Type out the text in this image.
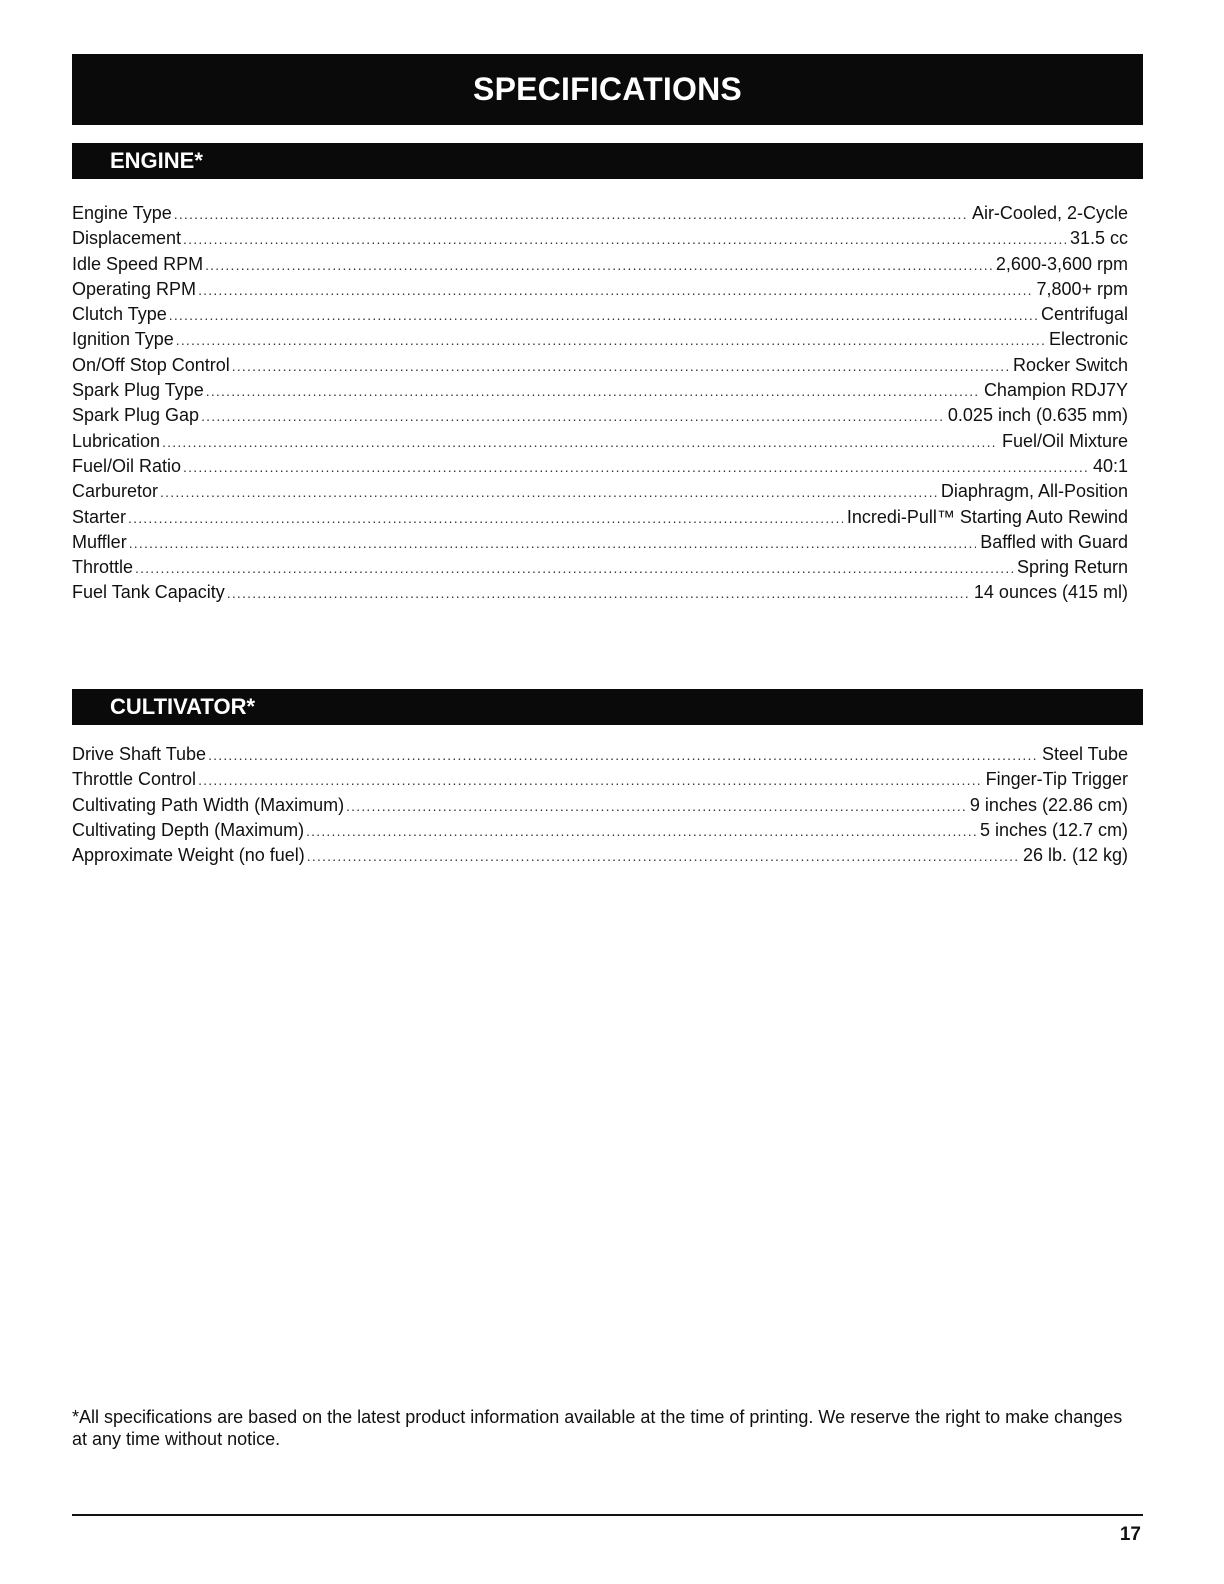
SPECIFICATIONS
ENGINE*
Engine Type .....	Air-Cooled, 2-Cycle
Displacement .....	31.5 cc
Idle Speed RPM .....	2,600-3,600 rpm
Operating RPM .....	7,800+ rpm
Clutch Type .....	Centrifugal
Ignition Type .....	Electronic
On/Off Stop Control .....	Rocker Switch
Spark Plug Type .....	Champion RDJ7Y
Spark Plug Gap .....	0.025 inch (0.635 mm)
Lubrication .....	Fuel/Oil Mixture
Fuel/Oil Ratio .....	40:1
Carburetor .....	Diaphragm, All-Position
Starter .....	Incredi-Pull™ Starting Auto Rewind
Muffler .....	Baffled with Guard
Throttle .....	Spring Return
Fuel Tank Capacity .....	14 ounces (415 ml)
CULTIVATOR*
Drive Shaft Tube .....	Steel Tube
Throttle Control .....	Finger-Tip Trigger
Cultivating Path Width (Maximum) .....	9 inches (22.86 cm)
Cultivating Depth (Maximum) .....	5 inches (12.7 cm)
Approximate Weight (no fuel) .....	26 lb. (12 kg)

*All specifications are based on the latest product information available at the time of printing. We reserve the right to make changes at any time without notice.

17
